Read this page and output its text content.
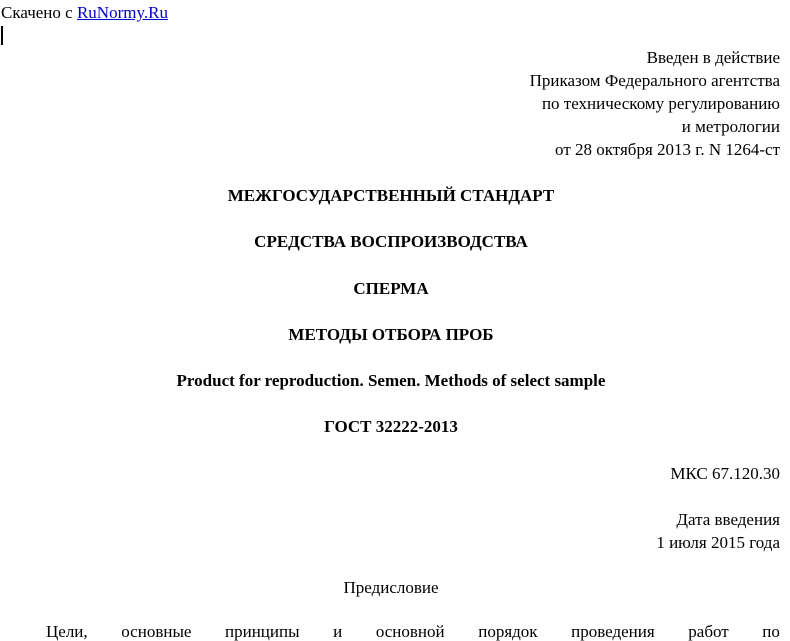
Скачено с RuNormy.Ru
Введен в действие
Приказом Федерального агентства
по техническому регулированию
и метрологии
от 28 октября 2013 г. N 1264-ст
МЕЖГОСУДАРСТВЕННЫЙ СТАНДАРТ
СРЕДСТВА ВОСПРОИЗВОДСТВА
СПЕРМА
МЕТОДЫ ОТБОРА ПРОБ
Product for reproduction. Semen. Methods of select sample
ГОСТ 32222-2013
МКС 67.120.30
Дата введения
1 июля 2015 года
Предисловие
Цели, основные принципы и основной порядок проведения работ по
